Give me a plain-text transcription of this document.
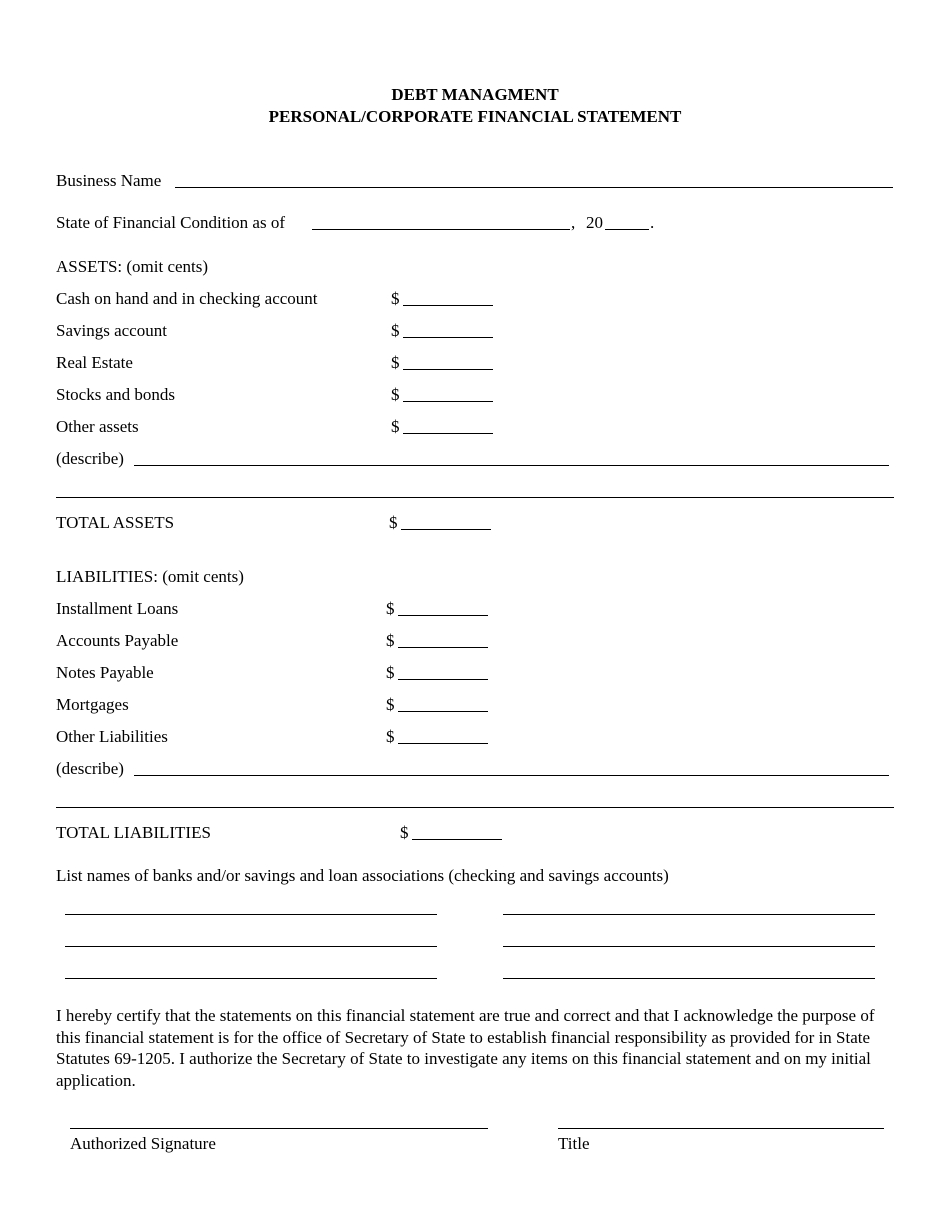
DEBT MANAGMENT
PERSONAL/CORPORATE FINANCIAL STATEMENT
Business Name
State of Financial Condition as of	, 20	.
ASSETS: (omit cents)
Cash on hand and in checking account	$
Savings account	$
Real Estate	$
Stocks and bonds	$
Other assets	$
(describe)
TOTAL ASSETS	$
LIABILITIES: (omit cents)
Installment Loans	$
Accounts Payable	$
Notes Payable	$
Mortgages	$
Other Liabilities	$
(describe)
TOTAL LIABILITIES	$
List names of banks and/or savings and loan associations (checking and savings accounts)
I hereby certify that the statements on this financial statement are true and correct and that I acknowledge the purpose of this financial statement is for the office of Secretary of State to establish financial responsibility as provided for in State Statutes 69-1205. I authorize the Secretary of State to investigate any items on this financial statement and on my initial application.
Authorized Signature	Title
